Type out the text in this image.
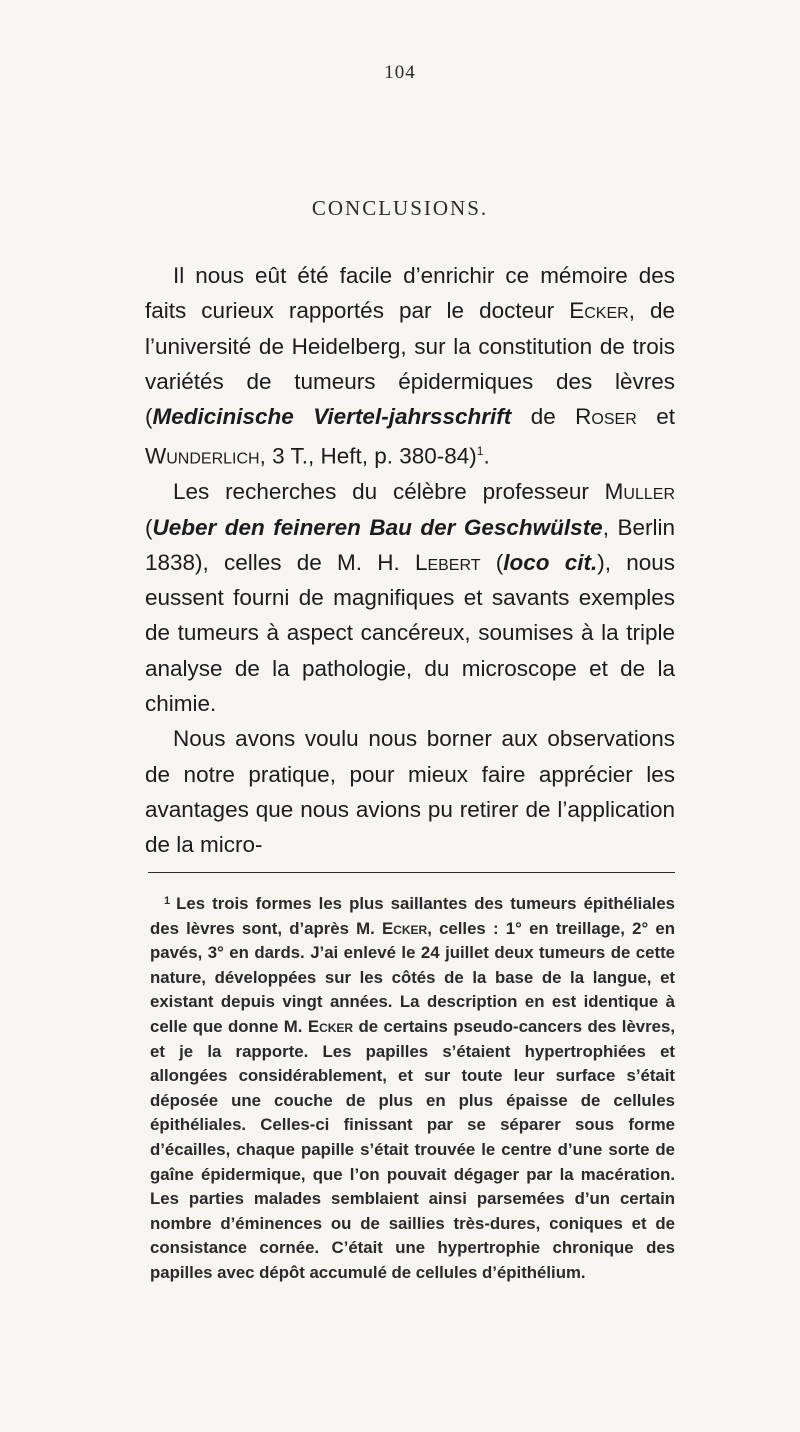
104
CONCLUSIONS.

Il nous eût été facile d’enrichir ce mémoire des faits curieux rapportés par le docteur Ecker, de l’université de Heidelberg, sur la constitution de trois variétés de tumeurs épidermiques des lèvres (Medicinische Viertel-jahrsschrift de Roser et Wunderlich, 3 T., Heft, p. 380-84)$^1$.

Les recherches du célèbre professeur Muller (Ueber den feineren Bau der Geschwülste, Berlin 1838), celles de M. H. Lebert (loco cit.), nous eussent fourni de magnifiques et savants exemples de tumeurs à aspect cancéreux, soumises à la triple analyse de la pathologie, du microscope et de la chimie.

Nous avons voulu nous borner aux observations de notre pratique, pour mieux faire apprécier les avantages que nous avions pu retirer de l’application de la micro-

$^1$ Les trois formes les plus saillantes des tumeurs épithéliales des lèvres sont, d’après M. Ecker, celles : 1° en treillage, 2° en pavés, 3° en dards. J’ai enlevé le 24 juillet deux tumeurs de cette nature, développées sur les côtés de la base de la langue, et existant depuis vingt années. La description en est identique à celle que donne M. Ecker de certains pseudo-cancers des lèvres, et je la rapporte. Les papilles s’étaient hypertrophiées et allongées considérablement, et sur toute leur surface s’était déposée une couche de plus en plus épaisse de cellules épithéliales. Celles-ci finissant par se séparer sous forme d’écailles, chaque papille s’était trouvée le centre d’une sorte de gaîne épidermique, que l’on pouvait dégager par la macération. Les parties malades semblaient ainsi parsemées d’un certain nombre d’éminences ou de saillies très-dures, coniques et de consistance cornée. C’était une hypertrophie chronique des papilles avec dépôt accumulé de cellules d’épithélium.
